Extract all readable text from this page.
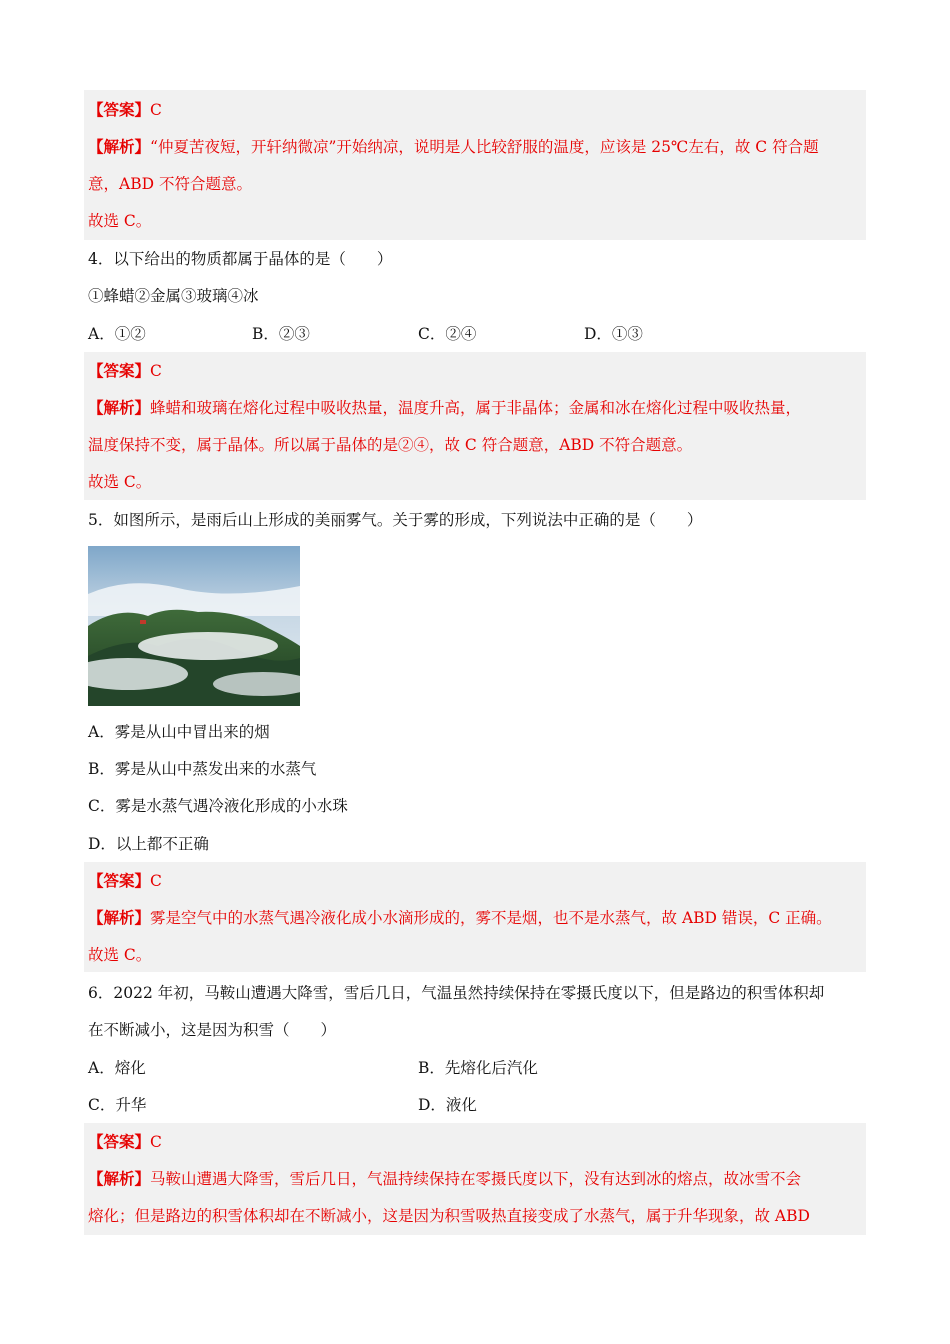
【答案】C
【解析】“仲夏苦夜短，开轩纳微凉”开始纳凉，说明是人比较舒服的温度，应该是 25℃左右，故 C 符合题
意，ABD 不符合题意。
故选 C。
4．以下给出的物质都属于晶体的是（　　）
①蜂蜡②金属③玻璃④冰
A．①②	B．②③	C．②④	D．①③
【答案】C
【解析】蜂蜡和玻璃在熔化过程中吸收热量，温度升高，属于非晶体；金属和冰在熔化过程中吸收热量，
温度保持不变，属于晶体。所以属于晶体的是②④，故 C 符合题意，ABD 不符合题意。
故选 C。
5．如图所示，是雨后山上形成的美丽雾气。关于雾的形成，下列说法中正确的是（　　）
A．雾是从山中冒出来的烟
B．雾是从山中蒸发出来的水蒸气
C．雾是水蒸气遇冷液化形成的小水珠
D．以上都不正确
【答案】C
【解析】雾是空气中的水蒸气遇冷液化成小水滴形成的，雾不是烟，也不是水蒸气，故 ABD 错误，C 正确。
故选 C。
6．2022 年初，马鞍山遭遇大降雪，雪后几日，气温虽然持续保持在零摄氏度以下，但是路边的积雪体积却
在不断减小，这是因为积雪（　　）
A．熔化	B．先熔化后汽化
C．升华	D．液化
【答案】C
【解析】马鞍山遭遇大降雪，雪后几日，气温持续保持在零摄氏度以下，没有达到冰的熔点，故冰雪不会
熔化；但是路边的积雪体积却在不断减小，这是因为积雪吸热直接变成了水蒸气，属于升华现象，故 ABD
